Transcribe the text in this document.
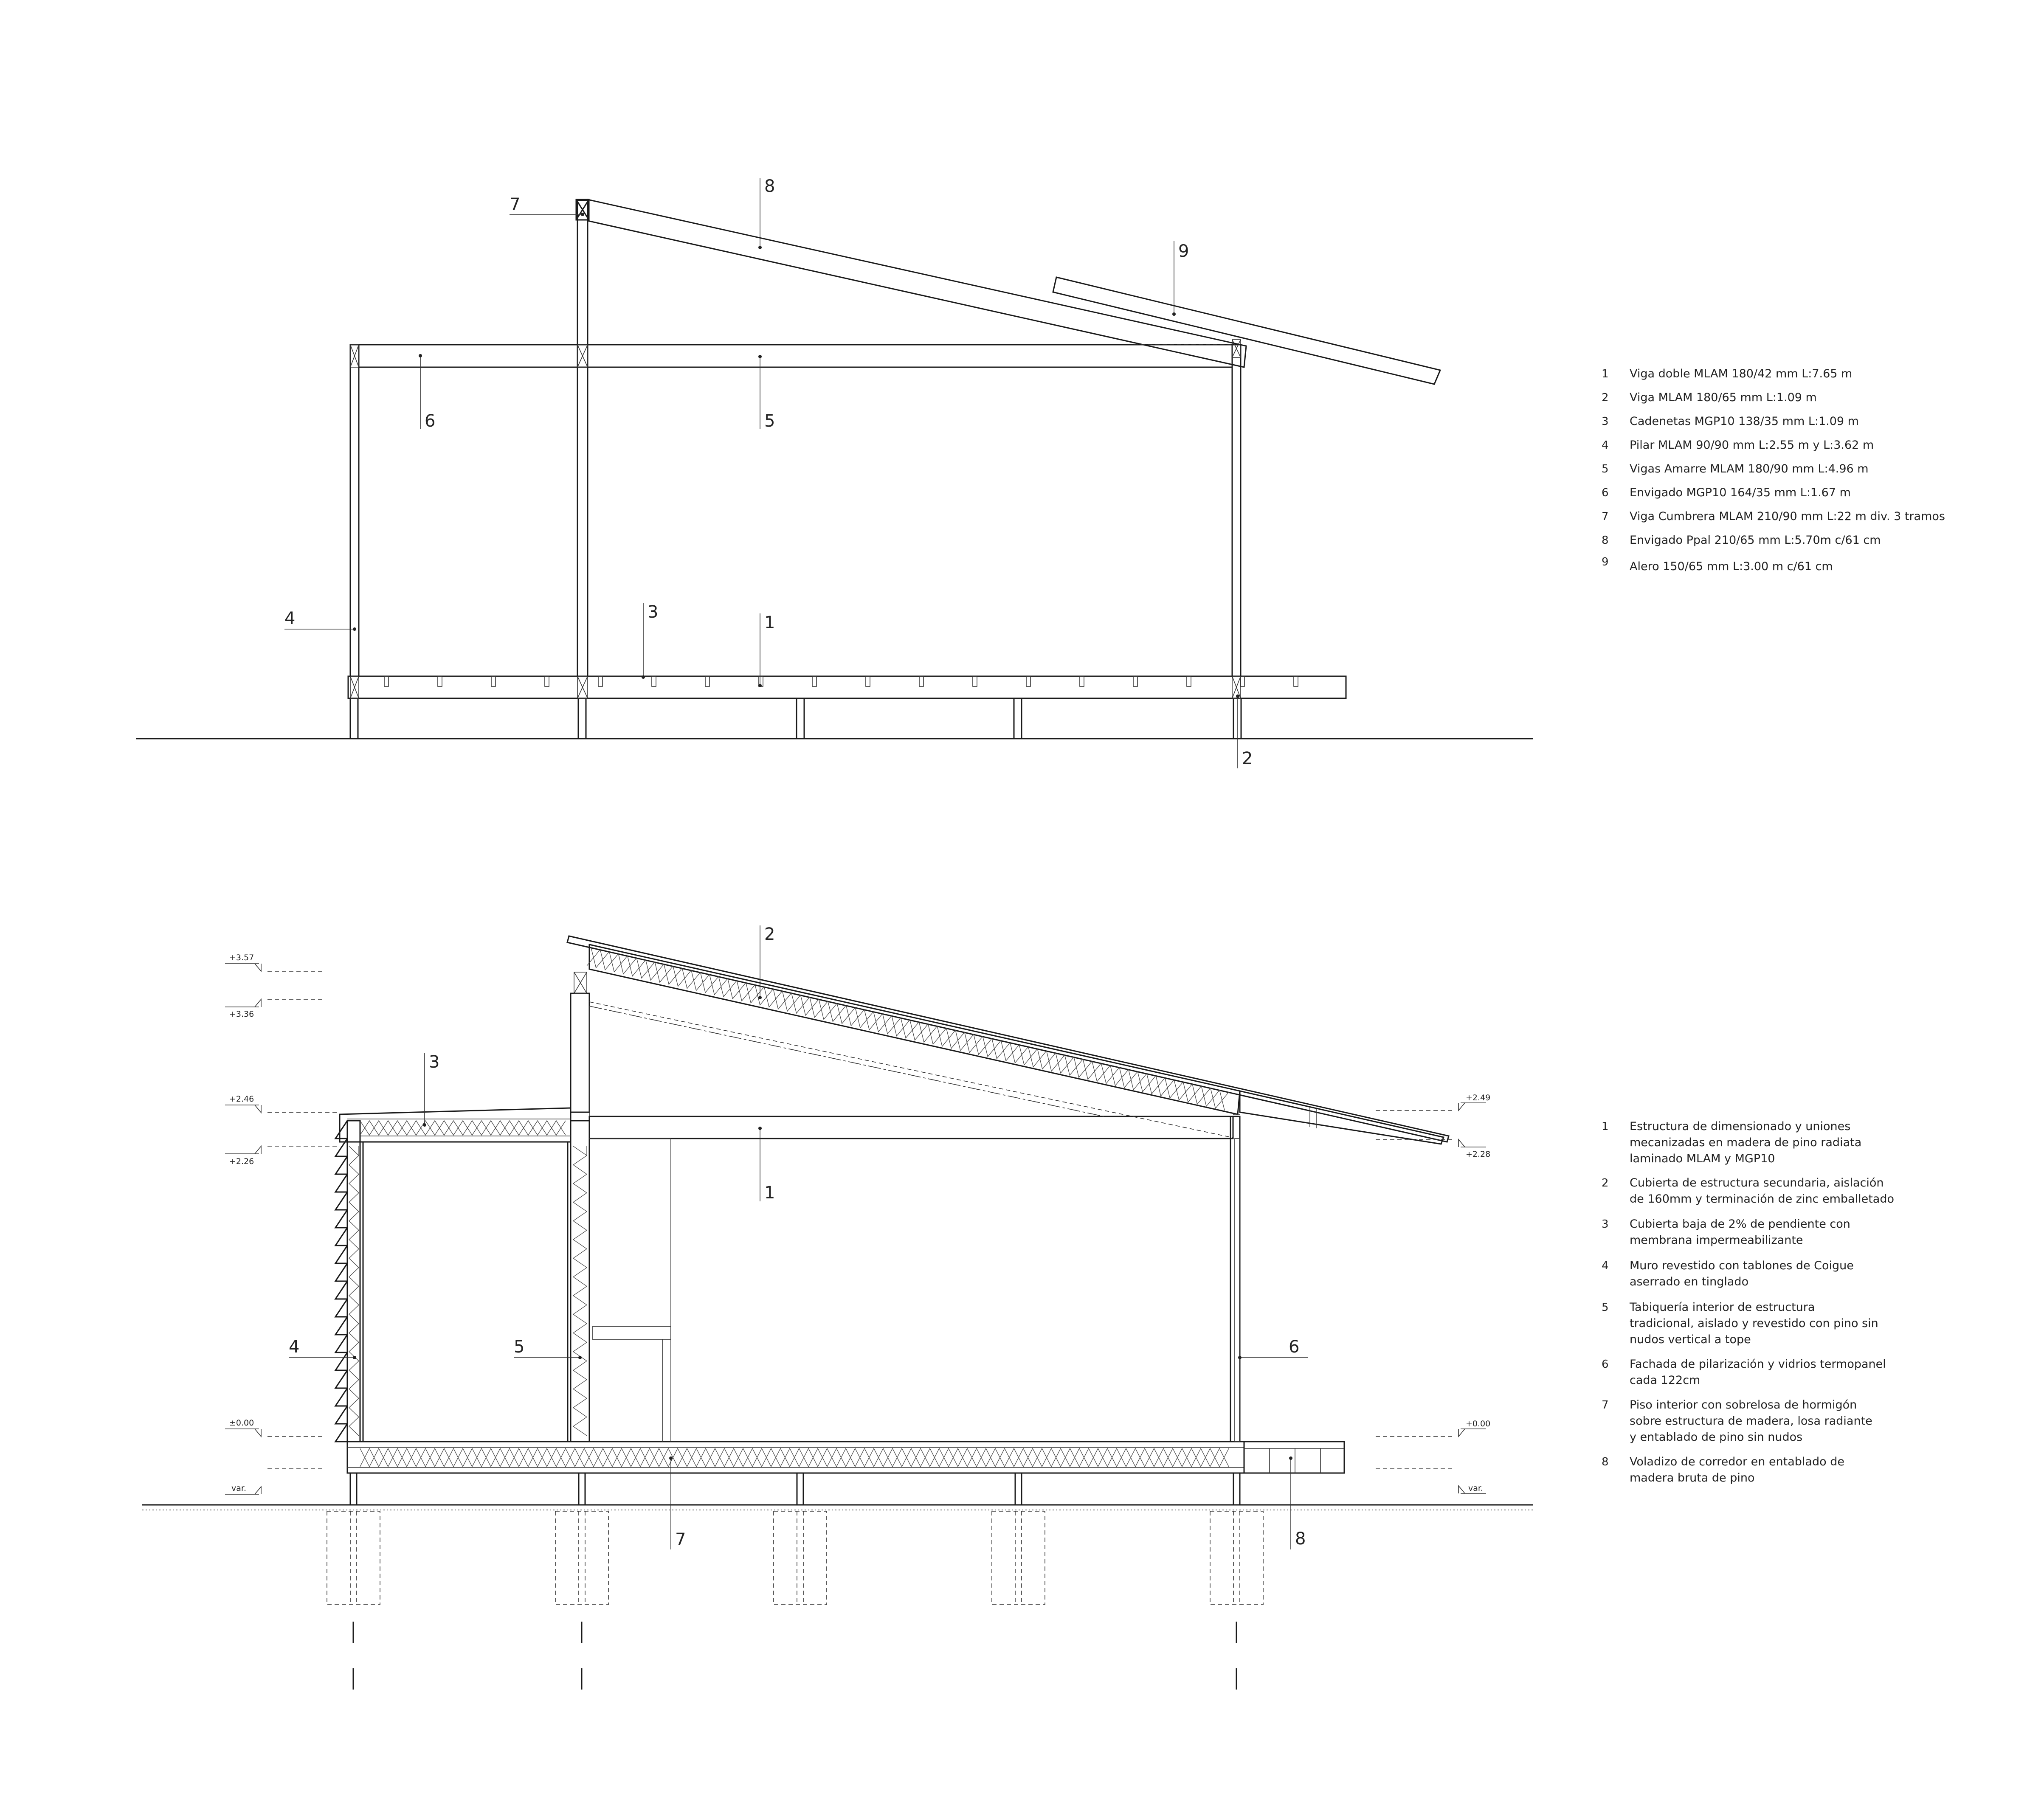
1
2
3
4
5
6
7
8
9
1 Viga doble MLAM 180/42 mm L:7.65 m
2 Viga MLAM 180/65 mm L:1.09 m
3 Cadenetas MGP10 138/35 mm L:1.09 m
4 Pilar MLAM 90/90 mm L:2.55 m y L:3.62 m
5 Vigas Amarre MLAM 180/90 mm L:4.96 m
6 Envigado MGP10 164/35 mm L:1.67 m
7 Viga Cumbrera MLAM 210/90 mm L:22 m div. 3 tramos
8 Envigado Ppal 210/65 mm L:5.70m c/61 cm
9 Alero 150/65 mm L:3.00 m c/61 cm
+3.57
+3.36
+2.46
+2.26
±0.00
var.
+2.49
+2.28
+0.00
var.
1
2
3
4	5	6
7	8
1 Estructura de dimensionado y uniones
mecanizadas en madera de pino radiata
laminado MLAM y MGP10
2 Cubierta de estructura secundaria, aislación
de 160mm y terminación de zinc emballetado
3 Cubierta baja de 2% de pendiente con
membrana impermeabilizante
4 Muro revestido con tablones de Coigue
aserrado en tinglado
5 Tabiquería interior de estructura
tradicional, aislado y revestido con pino sin
nudos vertical a tope
6 Fachada de pilarización y vidrios termopanel
cada 122cm
7 Piso interior con sobrelosa de hormigón
sobre estructura de madera, losa radiante
y entablado de pino sin nudos
8 Voladizo de corredor en entablado de
madera bruta de pino
